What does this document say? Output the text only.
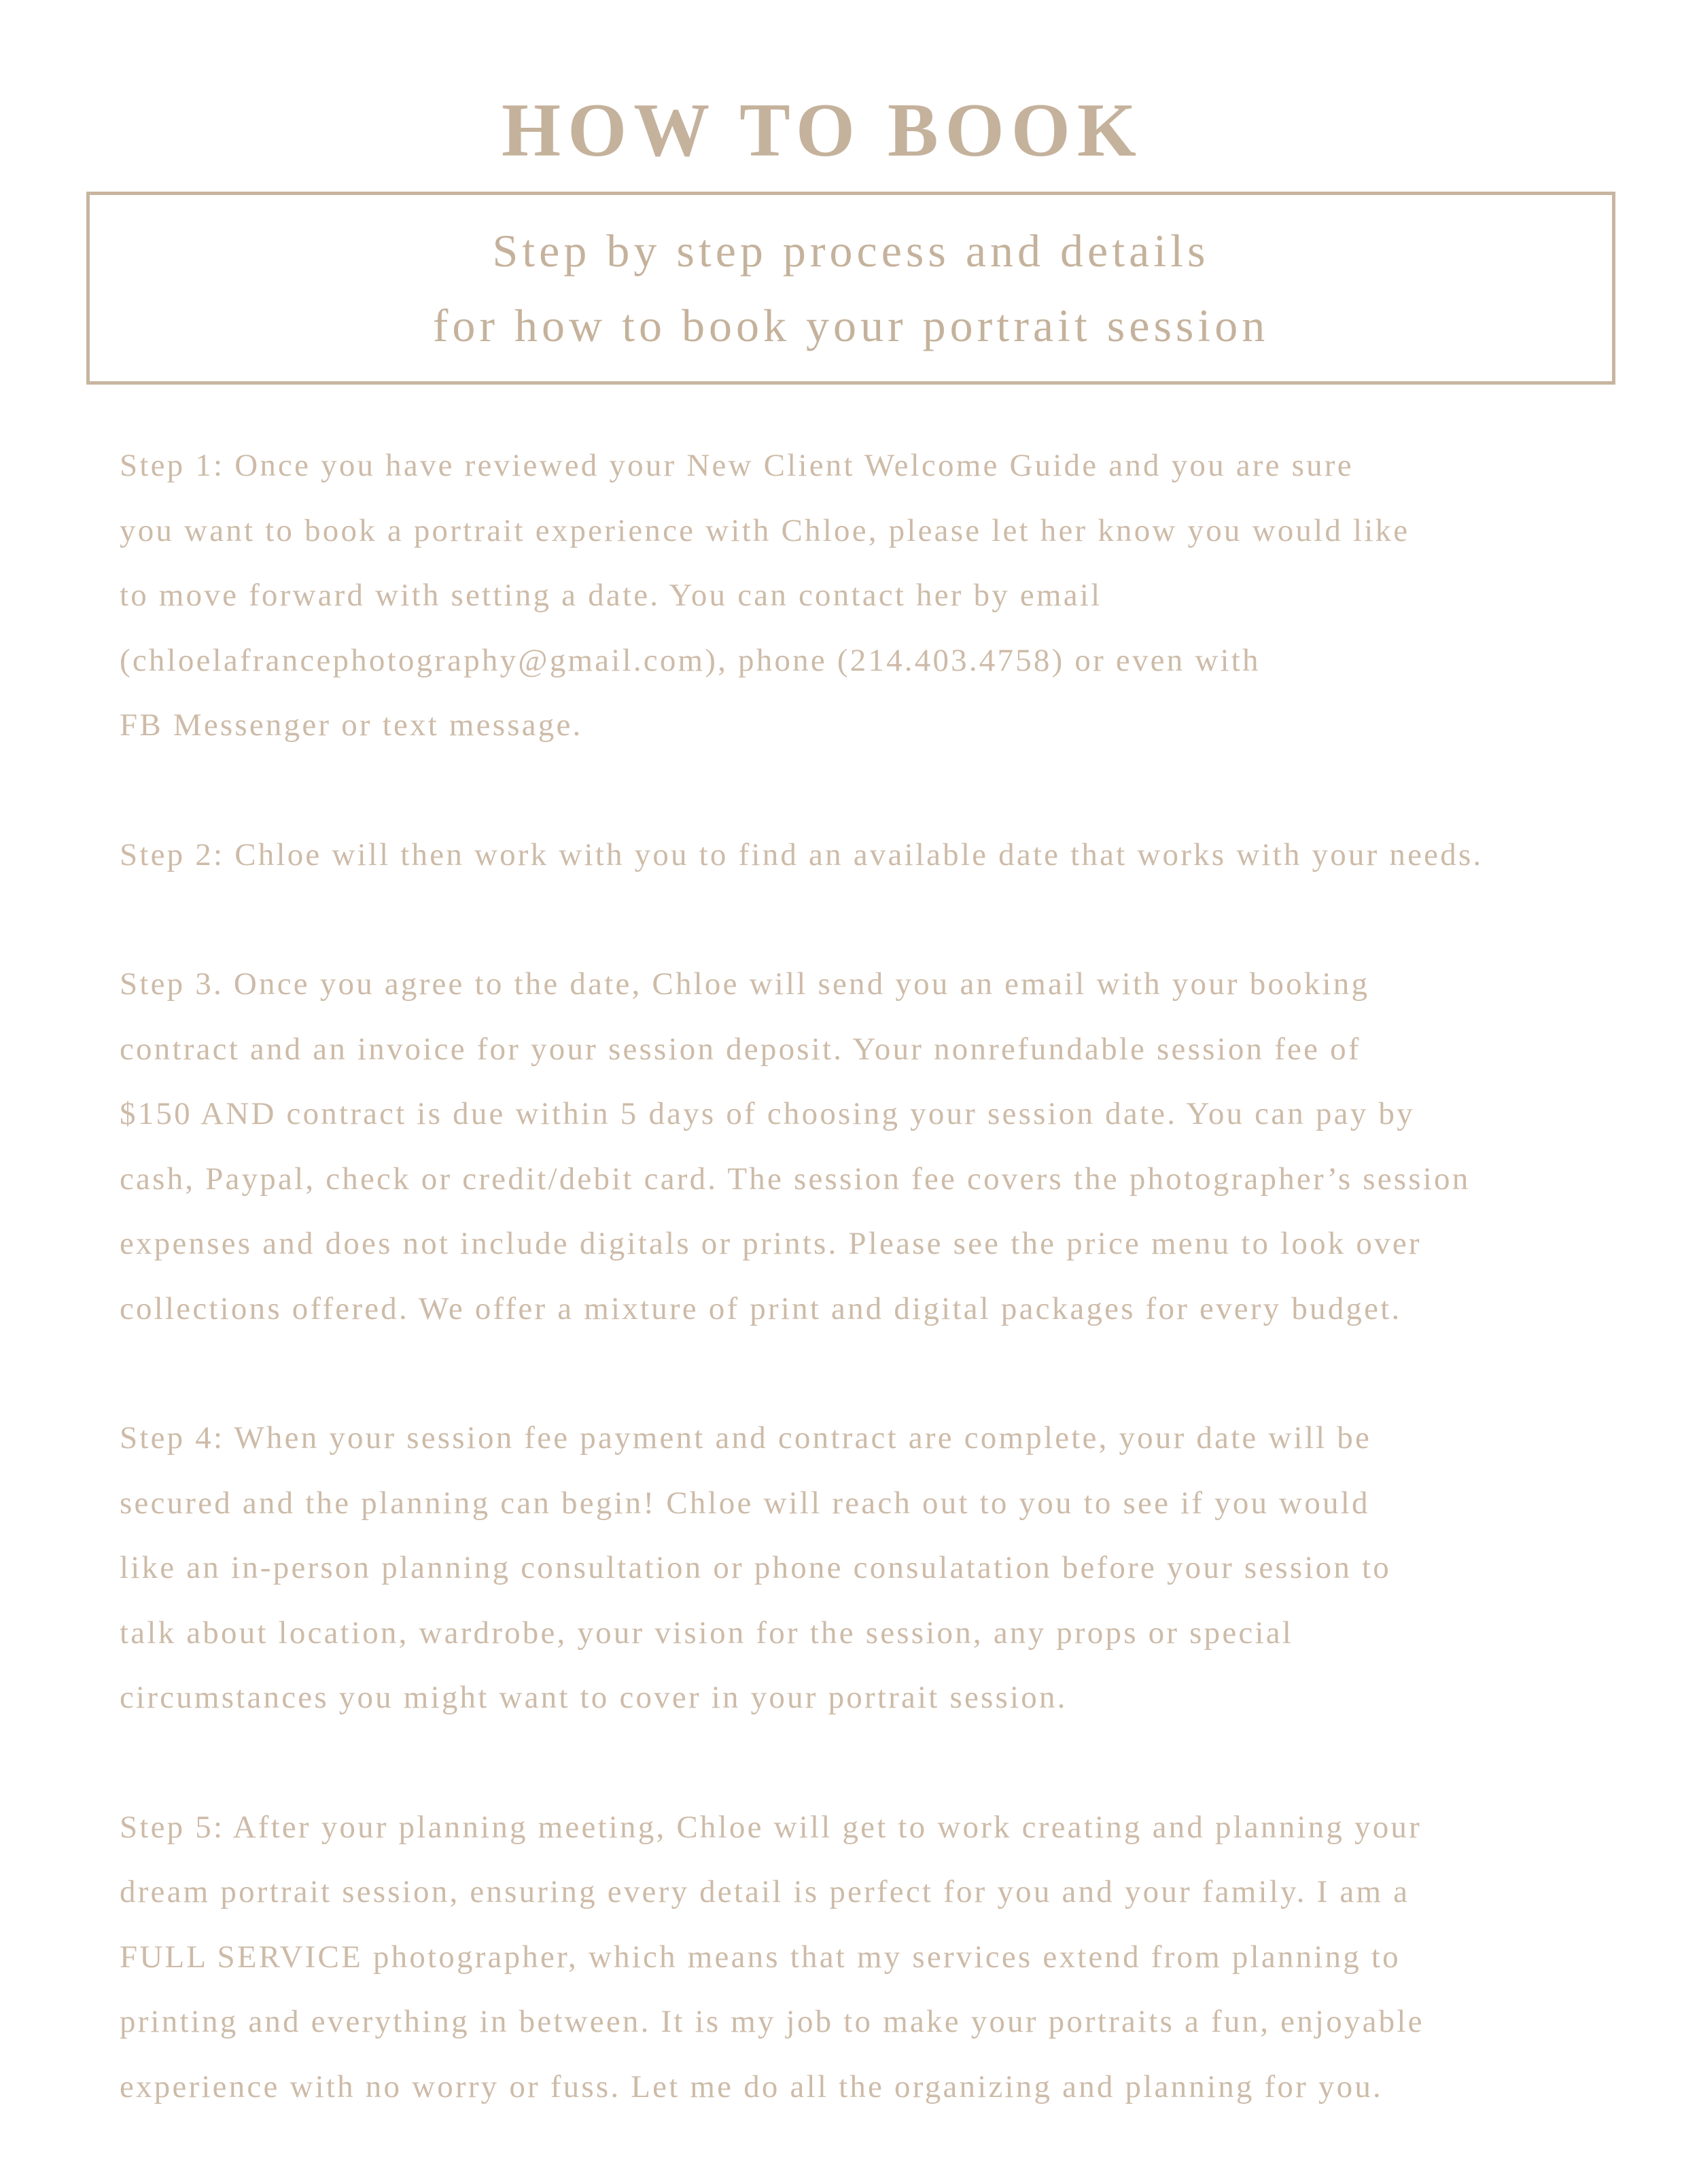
HOW TO BOOK
Step by step process and details
for how to book your portrait session

Step 1: Once you have reviewed your New Client Welcome Guide and you are sure
you want to book a portrait experience with Chloe, please let her know you would like
to move forward with setting a date. You can contact her by email
(chloelafrancephotography@gmail.com), phone (214.403.4758) or even with
FB Messenger or text message.

Step 2: Chloe will then work with you to find an available date that works with your needs.

Step 3. Once you agree to the date, Chloe will send you an email with your booking
contract and an invoice for your session deposit. Your nonrefundable session fee of
$150 AND contract is due within 5 days of choosing your session date. You can pay by
cash, Paypal, check or credit/debit card. The session fee covers the photographer’s session
expenses and does not include digitals or prints. Please see the price menu to look over
collections offered. We offer a mixture of print and digital packages for every budget.

Step 4: When your session fee payment and contract are complete, your date will be
secured and the planning can begin! Chloe will reach out to you to see if you would
like an in-person planning consultation or phone consulatation before your session to
talk about location, wardrobe, your vision for the session, any props or special
circumstances you might want to cover in your portrait session.

Step 5: After your planning meeting, Chloe will get to work creating and planning your
dream portrait session, ensuring every detail is perfect for you and your family. I am a
FULL SERVICE photographer, which means that my services extend from planning to
printing and everything in between. It is my job to make your portraits a fun, enjoyable
experience with no worry or fuss. Let me do all the organizing and planning for you.
